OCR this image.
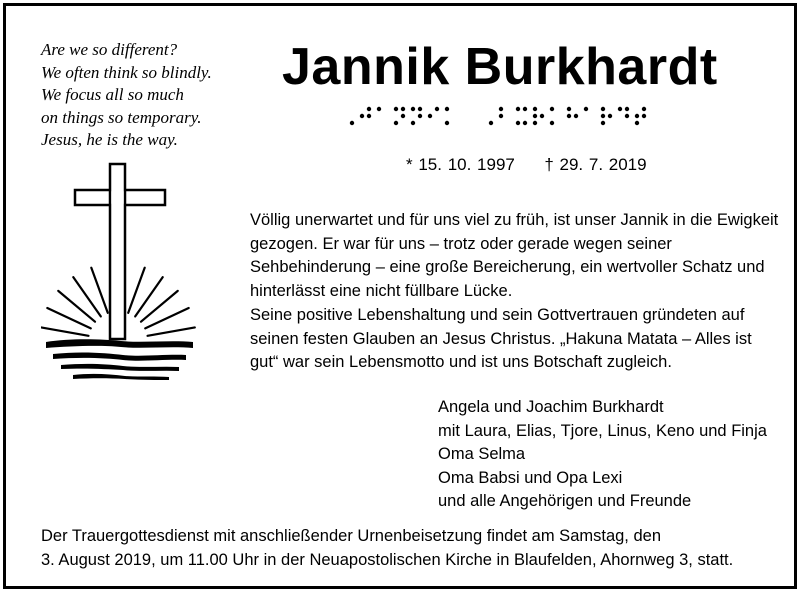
Are we so different?
We often think so blindly.
We focus all so much
on things so temporary.
Jesus, he is the way.
Jannik Burkhardt
* 15. 10. 1997 † 29. 7. 2019
Völlig unerwartet und für uns viel zu früh, ist unser Jannik in die Ewigkeit gezogen. Er war für uns – trotz oder gerade wegen seiner Sehbehinderung – eine große Bereicherung, ein wertvoller Schatz und hinterlässt eine nicht füllbare Lücke.
Seine positive Lebenshaltung und sein Gottvertrauen gründeten auf seinen festen Glauben an Jesus Christus. „Hakuna Matata – Alles ist gut“ war sein Lebensmotto und ist uns Botschaft zugleich.
Angela und Joachim Burkhardt
mit Laura, Elias, Tjore, Linus, Keno und Finja
Oma Selma
Oma Babsi und Opa Lexi
und alle Angehörigen und Freunde
Der Trauergottesdienst mit anschließender Urnenbeisetzung findet am Samstag, den
3. August 2019, um 11.00 Uhr in der Neuapostolischen Kirche in Blaufelden, Ahornweg 3, statt.
